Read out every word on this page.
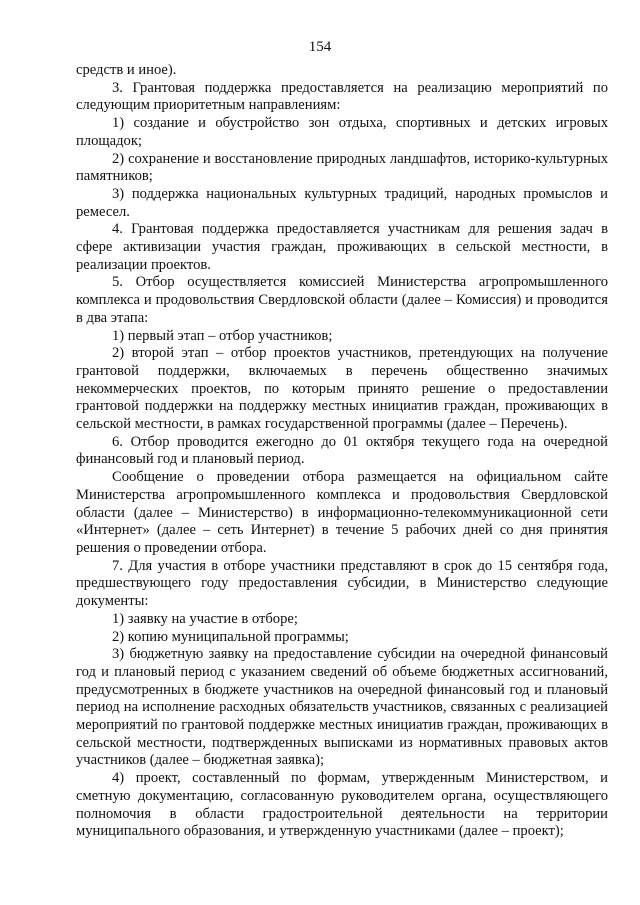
154

средств и иное).

3. Грантовая поддержка предоставляется на реализацию мероприятий по следующим приоритетным направлениям:

1) создание и обустройство зон отдыха, спортивных и детских игровых площадок;

2) сохранение и восстановление природных ландшафтов, историко-культурных памятников;

3) поддержка национальных культурных традиций, народных промыслов и ремесел.

4. Грантовая поддержка предоставляется участникам для решения задач в сфере активизации участия граждан, проживающих в сельской местности, в реализации проектов.

5. Отбор осуществляется комиссией Министерства агропромышленного комплекса и продовольствия Свердловской области (далее – Комиссия) и проводится в два этапа:

1) первый этап – отбор участников;

2) второй этап – отбор проектов участников, претендующих на получение грантовой поддержки, включаемых в перечень общественно значимых некоммерческих проектов, по которым принято решение о предоставлении грантовой поддержки на поддержку местных инициатив граждан, проживающих в сельской местности, в рамках государственной программы (далее – Перечень).

6. Отбор проводится ежегодно до 01 октября текущего года на очередной финансовый год и плановый период.

Сообщение о проведении отбора размещается на официальном сайте Министерства агропромышленного комплекса и продовольствия Свердловской области (далее – Министерство) в информационно-телекоммуникационной сети «Интернет» (далее – сеть Интернет) в течение 5 рабочих дней со дня принятия решения о проведении отбора.

7. Для участия в отборе участники представляют в срок до 15 сентября года, предшествующего году предоставления субсидии, в Министерство следующие документы:

1) заявку на участие в отборе;

2) копию муниципальной программы;

3) бюджетную заявку на предоставление субсидии на очередной финансовый год и плановый период с указанием сведений об объеме бюджетных ассигнований, предусмотренных в бюджете участников на очередной финансовый год и плановый период на исполнение расходных обязательств участников, связанных с реализацией мероприятий по грантовой поддержке местных инициатив граждан, проживающих в сельской местности, подтвержденных выписками из нормативных правовых актов участников (далее – бюджетная заявка);

4) проект, составленный по формам, утвержденным Министерством, и сметную документацию, согласованную руководителем органа, осуществляющего полномочия в области градостроительной деятельности на территории муниципального образования, и утвержденную участниками (далее – проект);
